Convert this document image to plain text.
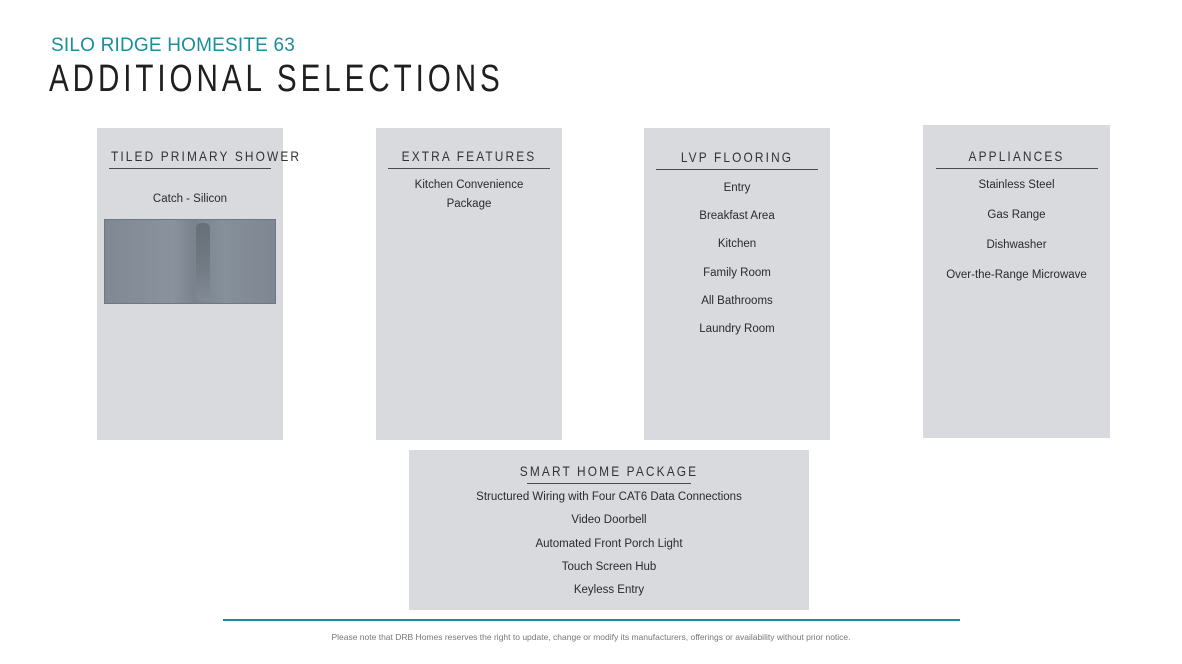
SILO RIDGE HOMESITE 63
ADDITIONAL SELECTIONS
TILED PRIMARY SHOWER
Catch - Silicon
EXTRA FEATURES
Kitchen Convenience
Package
LVP FLOORING
Entry
Breakfast Area
Kitchen
Family Room
All Bathrooms
Laundry Room
APPLIANCES
Stainless Steel
Gas Range
Dishwasher
Over-the-Range Microwave
SMART HOME PACKAGE
Structured Wiring with Four CAT6 Data Connections
Video Doorbell
Automated Front Porch Light
Touch Screen Hub
Keyless Entry
Please note that DRB Homes reserves the right to update, change or modify its manufacturers, offerings or availability without prior notice.
